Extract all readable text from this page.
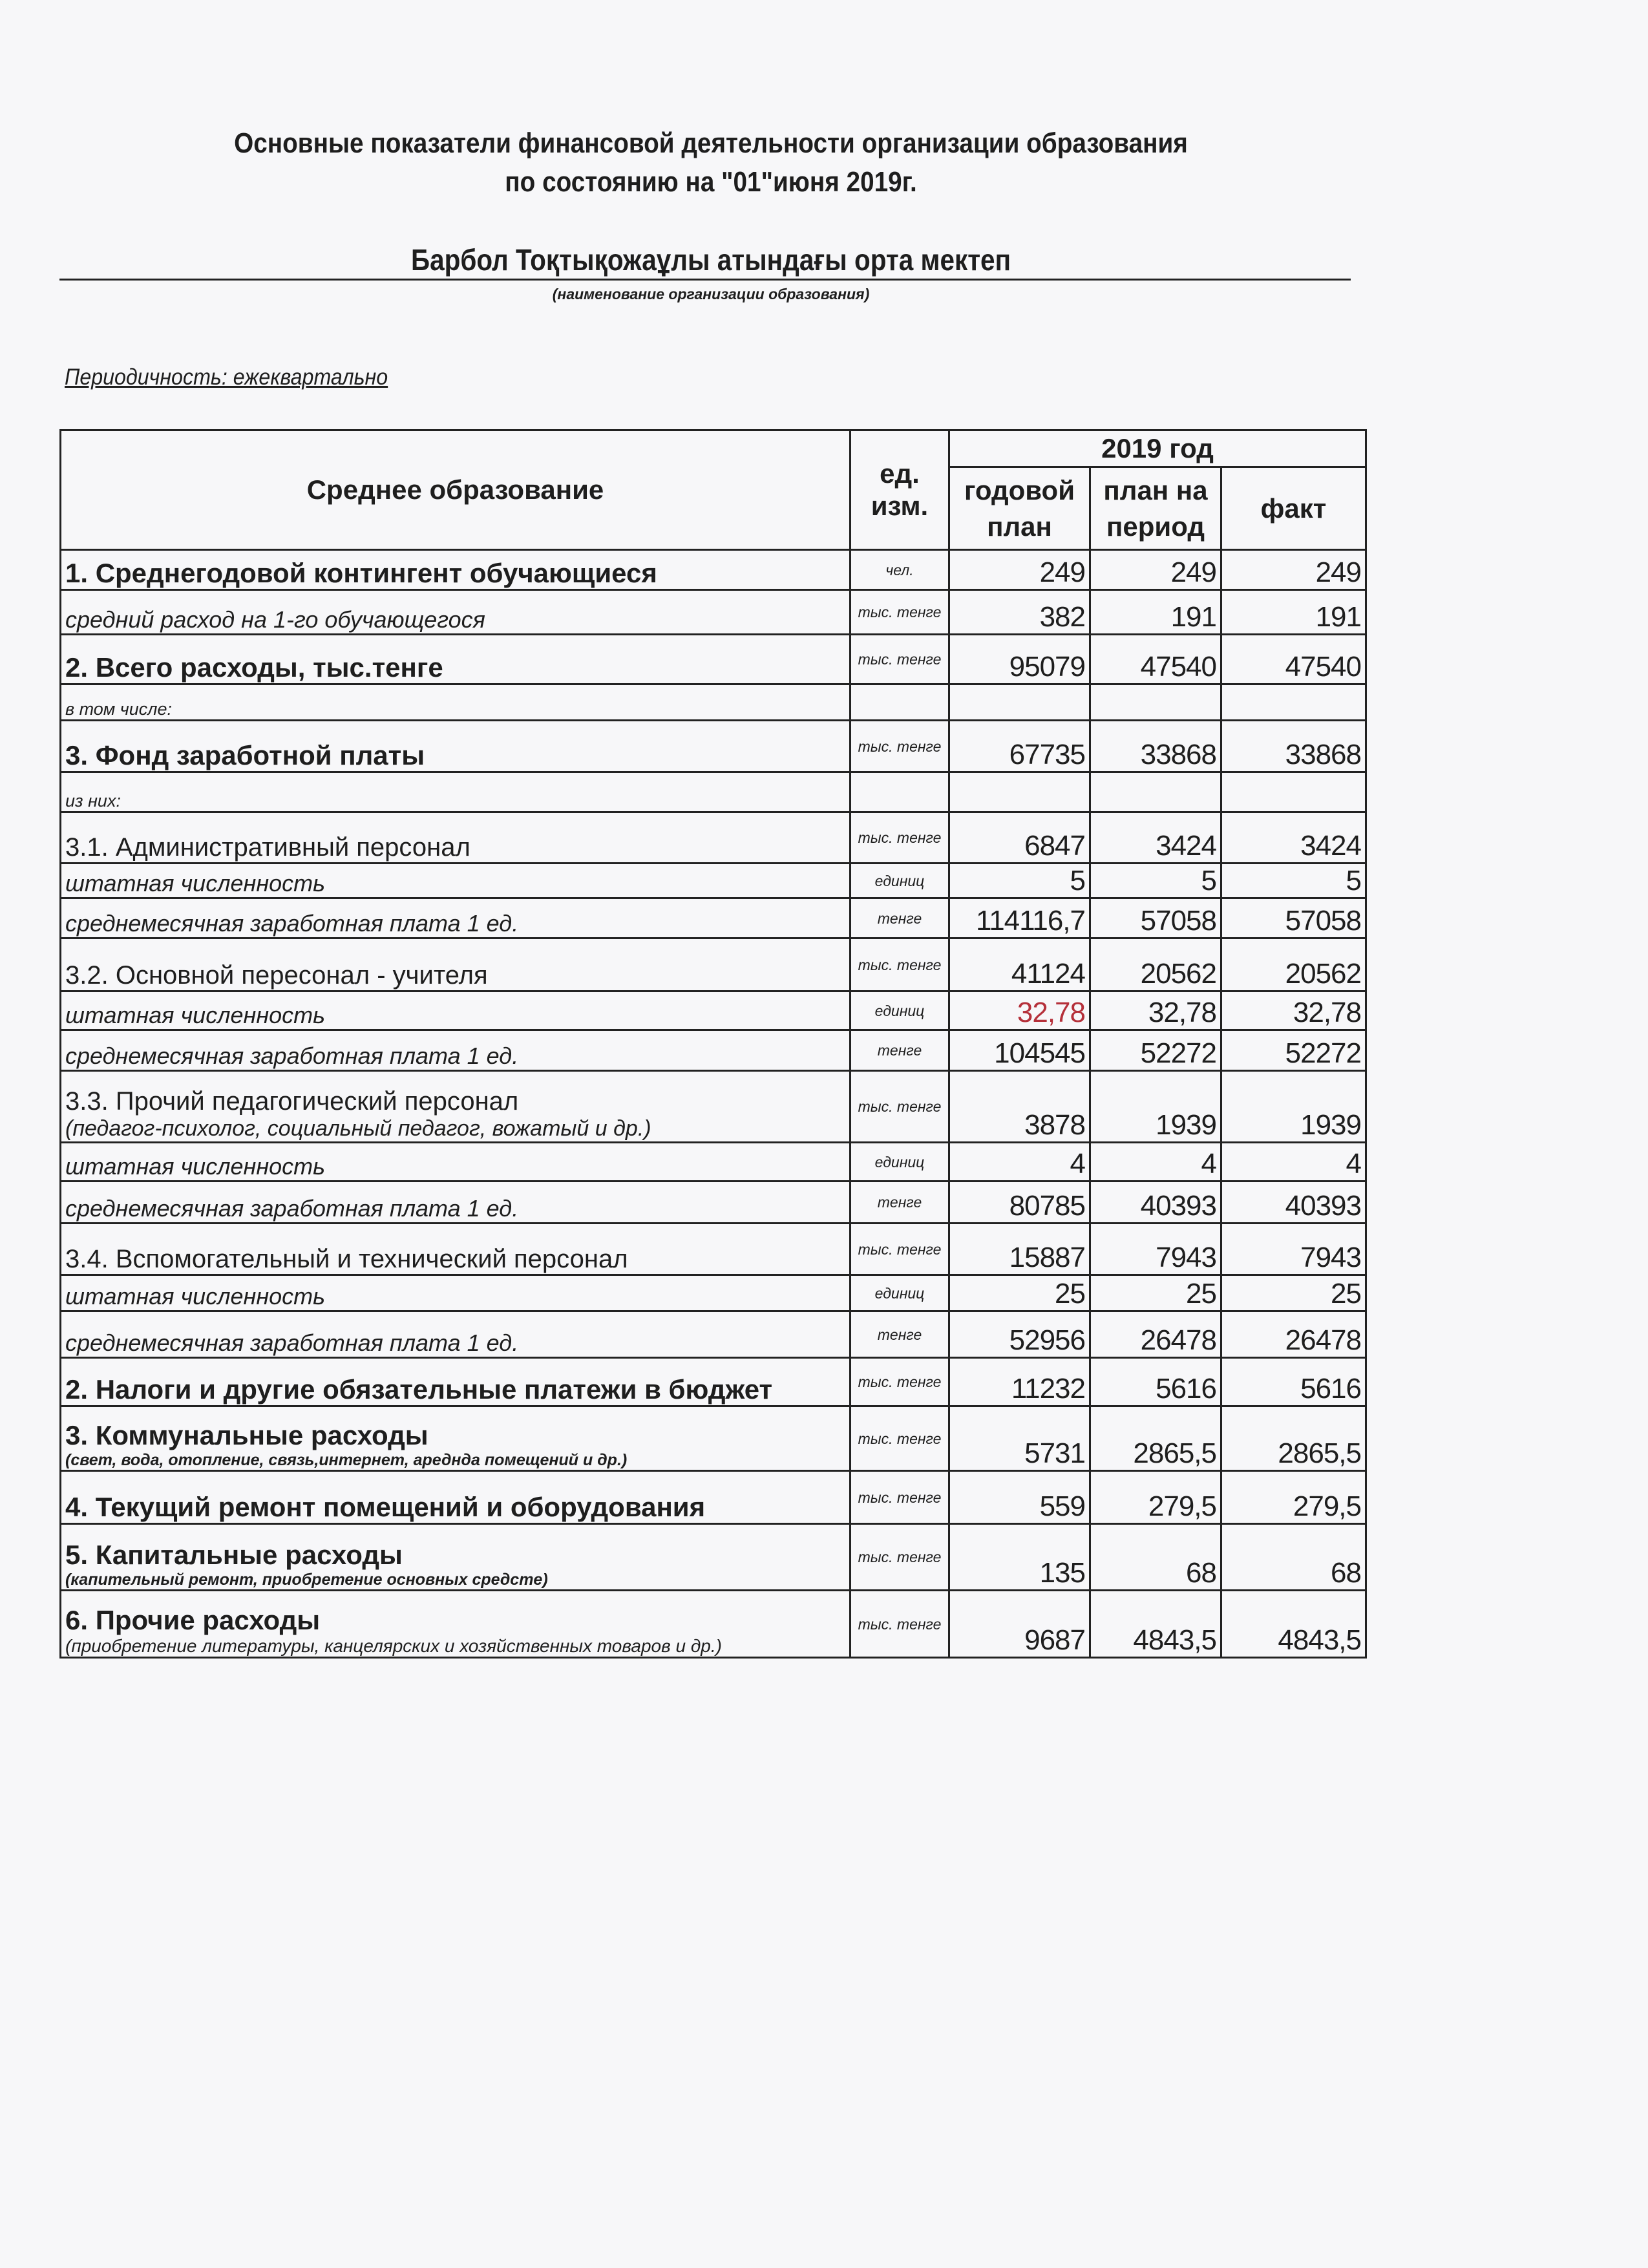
Основные показатели финансовой деятельности организации образования
по состоянию на "01"июня 2019г.
Барбол Тоқтықожаұлы атындағы орта мектеп
(наименование организации образования)
Периодичность: ежеквартально
Среднее образование	ед. изм.	2019 год		
		годовой план	план на период	факт
1. Среднегодовой контингент обучающиеся	чел.	249	249	249
средний расход на 1-го обучающегося	тыс. тенге	382	191	191
2. Всего расходы, тыс.тенге	тыс. тенге	95079	47540	47540
в том числе:				
3. Фонд заработной платы	тыс. тенге	67735	33868	33868
из них:				
3.1. Административный персонал	тыс. тенге	6847	3424	3424
штатная численность	единиц	5	5	5
среднемесячная заработная плата 1 ед.	тенге	114116,7	57058	57058
3.2. Основной пересонал - учителя	тыс. тенге	41124	20562	20562
штатная численность	единиц	32,78	32,78	32,78
среднемесячная заработная плата 1 ед.	тенге	104545	52272	52272
3.3. Прочий педагогический персонал
(педагог-психолог, социальный педагог, вожатый и др.)	тыс. тенге	3878	1939	1939
штатная численность	единиц	4	4	4
среднемесячная заработная плата 1 ед.	тенге	80785	40393	40393
3.4. Вспомогательный и технический персонал	тыс. тенге	15887	7943	7943
штатная численность	единиц	25	25	25
среднемесячная заработная плата 1 ед.	тенге	52956	26478	26478
2. Налоги и другие обязательные платежи в бюджет	тыс. тенге	11232	5616	5616
3. Коммунальные расходы
(свет, вода, отопление, связь,интернет, ареднда помещений и др.)	тыс. тенге	5731	2865,5	2865,5
4. Текущий ремонт помещений и оборудования	тыс. тенге	559	279,5	279,5
5. Капитальные расходы
(капительный ремонт, приобретение основных средстe)	тыс. тенге	135	68	68
6. Прочие расходы
(приобретение литературы, канцелярских и хозяйственных товаров и др.)	тыс. тенге	9687	4843,5	4843,5
